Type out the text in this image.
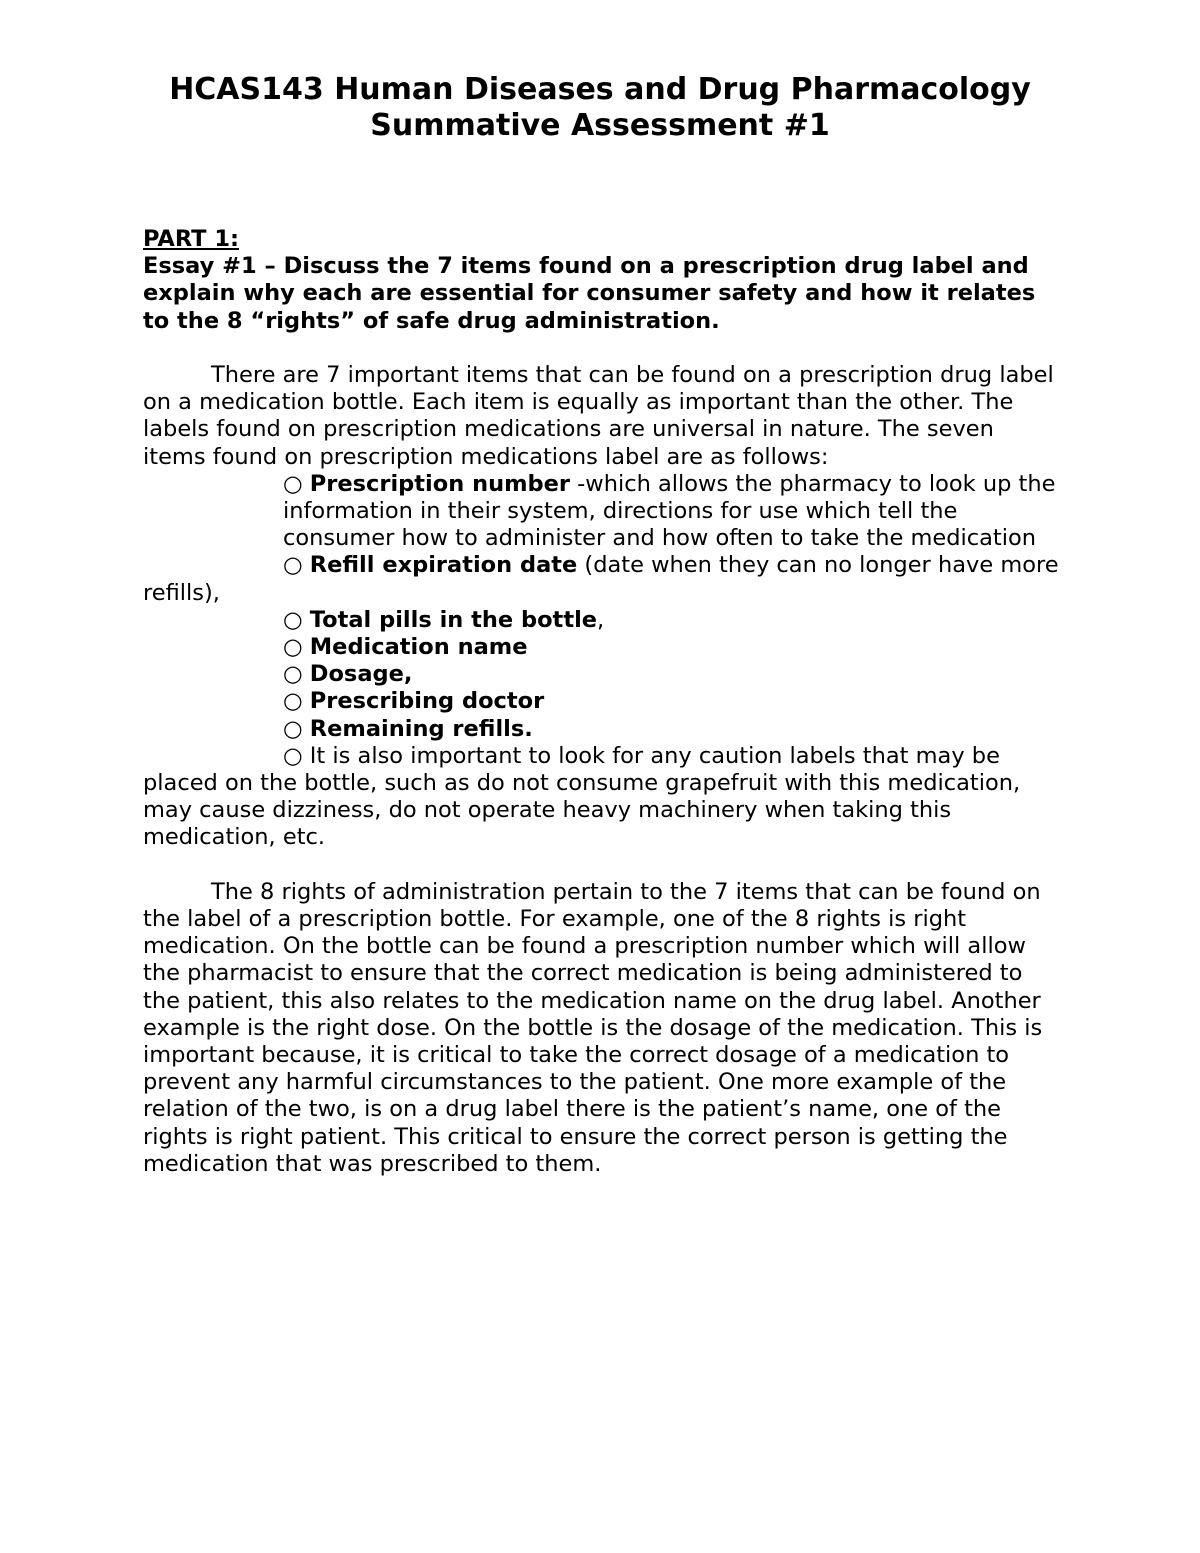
HCAS143 Human Diseases and Drug Pharmacology
Summative Assessment #1
PART 1:
Essay #1 – Discuss the 7 items found on a prescription drug label and explain why each are essential for consumer safety and how it relates to the 8 “rights” of safe drug administration.
There are 7 important items that can be found on a prescription drug label on a medication bottle. Each item is equally as important than the other. The labels found on prescription medications are universal in nature. The seven items found on prescription medications label are as follows:
○ Prescription number -which allows the pharmacy to look up the information in their system, directions for use which tell the consumer how to administer and how often to take the medication
○ Refill expiration date (date when they can no longer have more refills),
○ Total pills in the bottle,
○ Medication name
○ Dosage,
○ Prescribing doctor
○ Remaining refills.
○ It is also important to look for any caution labels that may be placed on the bottle, such as do not consume grapefruit with this medication, may cause dizziness, do not operate heavy machinery when taking this medication, etc.
The 8 rights of administration pertain to the 7 items that can be found on the label of a prescription bottle. For example, one of the 8 rights is right medication. On the bottle can be found a prescription number which will allow the pharmacist to ensure that the correct medication is being administered to the patient, this also relates to the medication name on the drug label. Another example is the right dose. On the bottle is the dosage of the medication. This is important because, it is critical to take the correct dosage of a medication to prevent any harmful circumstances to the patient. One more example of the relation of the two, is on a drug label there is the patient’s name, one of the rights is right patient. This critical to ensure the correct person is getting the medication that was prescribed to them.
